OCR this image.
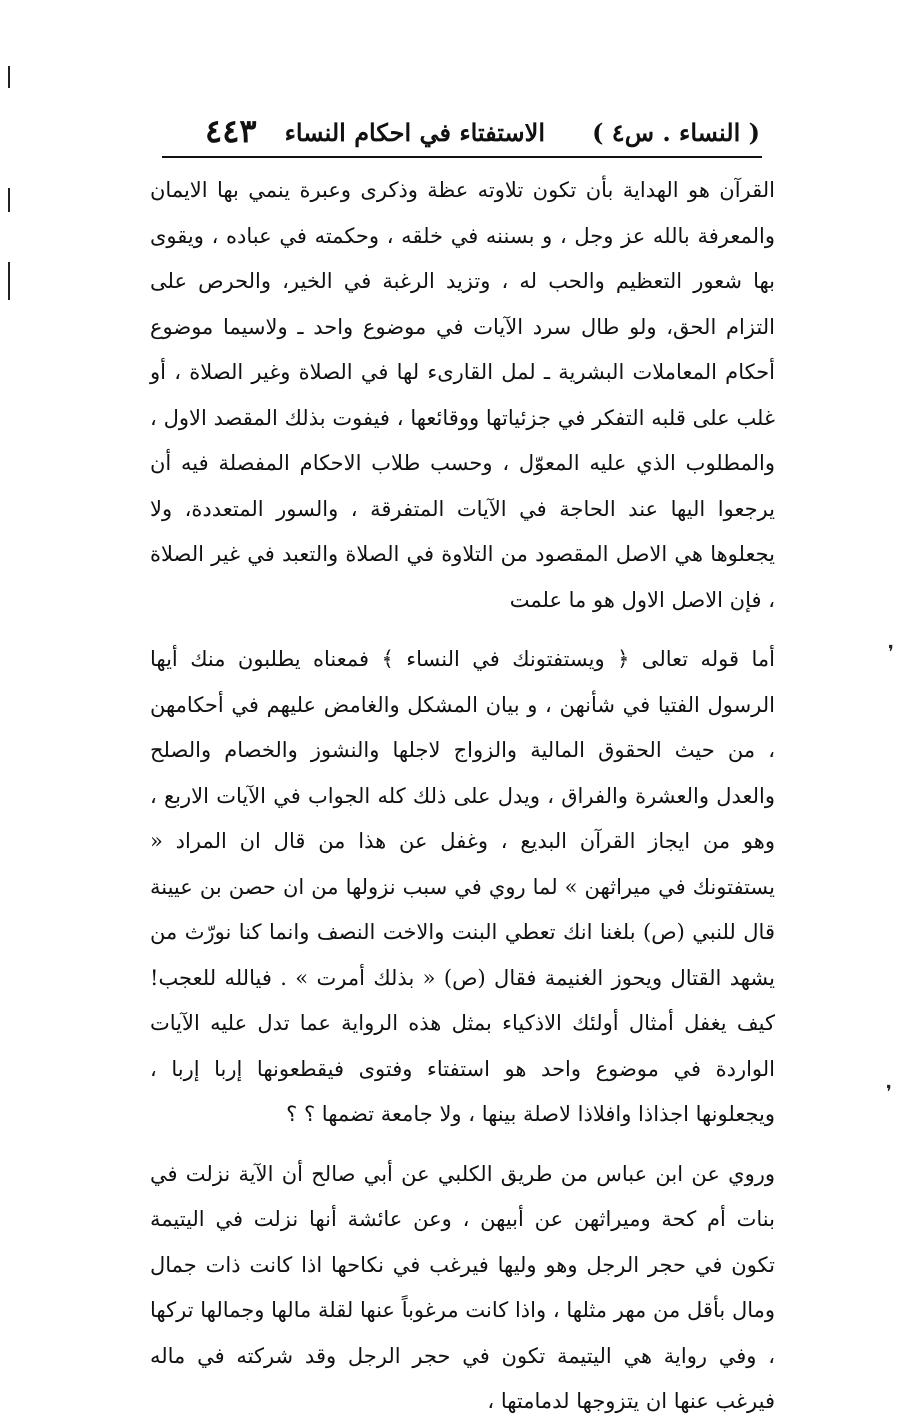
( النساء . س٤ )
الاستفتاء في احكام النساء
٤٤٣

القرآن هو الهداية بأن تكون تلاوته عظة وذكرى وعبرة ينمي بها الايمان والمعرفة بالله عز وجل ، و بسننه في خلقه ، وحكمته في عباده ، ويقوى بها شعور التعظيم والحب له ، وتزيد الرغبة في الخير، والحرص على التزام الحق، ولو طال سرد الآيات في موضوع واحد ـ ولاسيما موضوع أحكام المعاملات البشرية ـ لمل القارىء لها في الصلاة وغير الصلاة ، أو غلب على قلبه التفكر في جزئياتها ووقائعها ، فيفوت بذلك المقصد الاول ، والمطلوب الذي عليه المعوّل ، وحسب طلاب الاحكام المفصلة فيه أن يرجعوا اليها عند الحاجة في الآيات المتفرقة ، والسور المتعددة، ولا يجعلوها هي الاصل المقصود من التلاوة في الصلاة والتعبد في غير الصلاة ، فإن الاصل الاول هو ما علمت

أما قوله تعالى ﴿ ويستفتونك في النساء ﴾ فمعناه يطلبون منك أيها الرسول الفتيا في شأنهن ، و بيان المشكل والغامض عليهم في أحكامهن ، من حيث الحقوق المالية والزواج لاجلها والنشوز والخصام والصلح والعدل والعشرة والفراق ، ويدل على ذلك كله الجواب في الآيات الاربع ، وهو من ايجاز القرآن البديع ، وغفل عن هذا من قال ان المراد « يستفتونك في ميراثهن » لما روي في سبب نزولها من ان حصن بن عيينة قال للنبي (ص) بلغنا انك تعطي البنت والاخت النصف وانما كنا نورّث من يشهد القتال ويحوز الغنيمة فقال (ص) « بذلك أمرت » . فيالله للعجب! كيف يغفل أمثال أولئك الاذكياء بمثل هذه الرواية عما تدل عليه الآيات الواردة في موضوع واحد هو استفتاء وفتوى فيقطعونها إربا إربا ، ويجعلونها اجذاذا وافلاذا لاصلة بينها ، ولا جامعة تضمها ؟ ؟

وروي عن ابن عباس من طريق الكلبي عن أبي صالح أن الآية نزلت في بنات أم كحة وميراثهن عن أبيهن ، وعن عائشة أنها نزلت في اليتيمة تكون في حجر الرجل وهو وليها فيرغب في نكاحها اذا كانت ذات جمال ومال بأقل من مهر مثلها ، واذا كانت مرغوباً عنها لقلة مالها وجمالها تركها ، وفي رواية هي اليتيمة تكون في حجر الرجل وقد شركته في ماله فيرغب عنها ان يتزوجها لدمامتها ،

❜
❜
